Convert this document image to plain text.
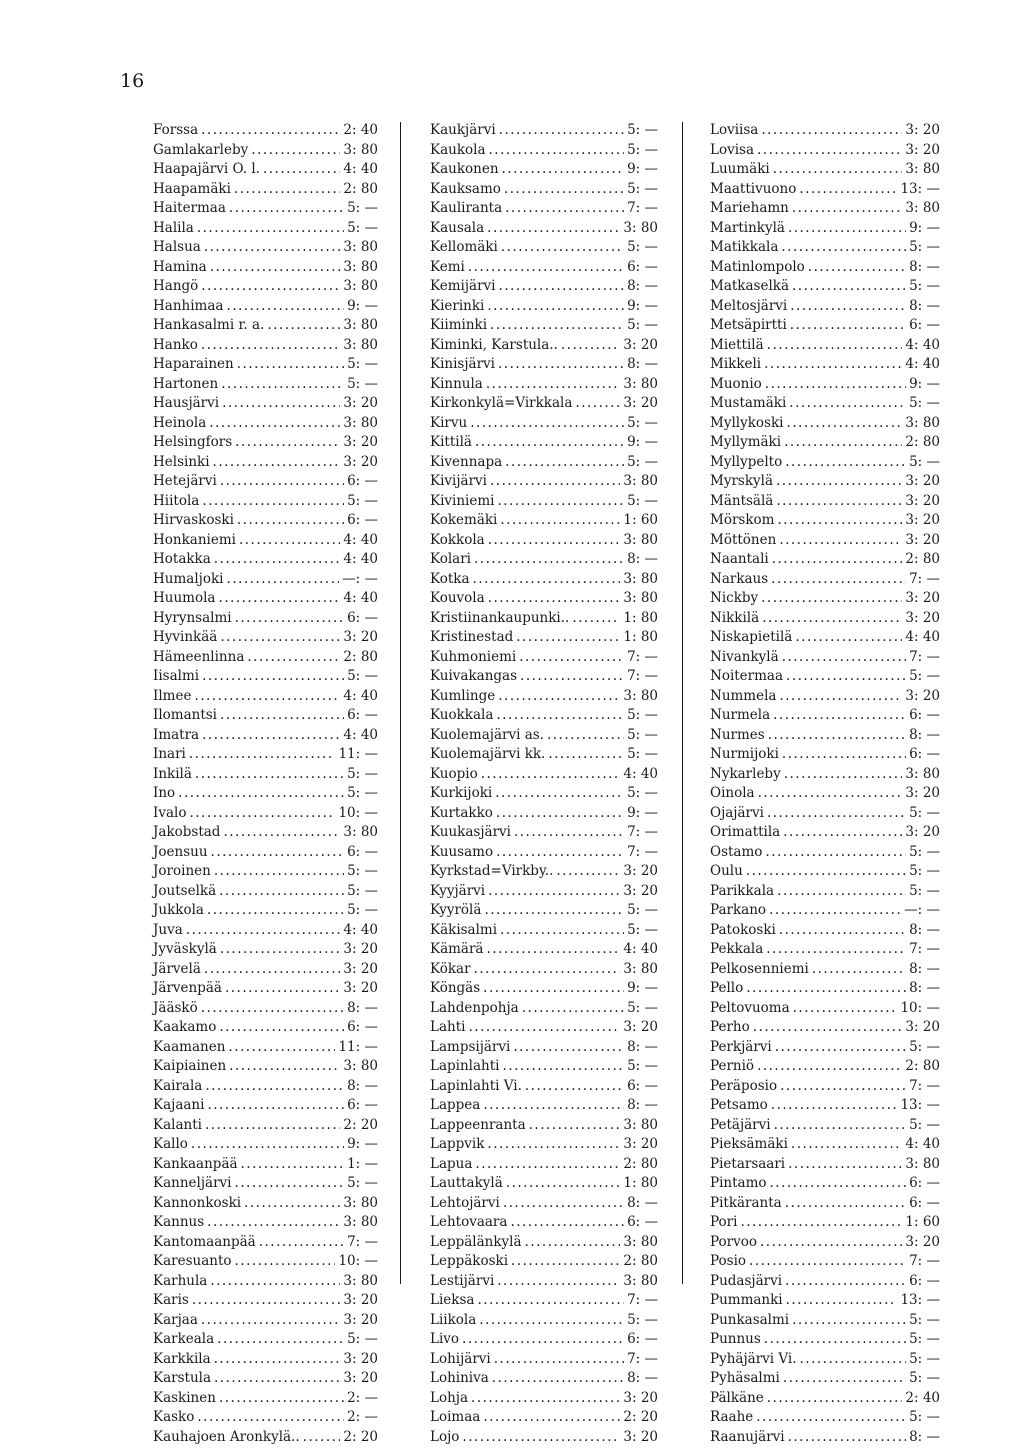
16
Forssa .....	2: 40
Gamlakarleby .....	3: 80
Haapajärvi O. l. .....	4: 40
Haapamäki .....	2: 80
Haitermaa .....	5: —
Halila .....	5: —
Halsua .....	3: 80
Hamina .....	3: 80
Hangö .....	3: 80
Hanhimaa .....	9: —
Hankasalmi r. a. .....	3: 80
Hanko .....	3: 80
Haparainen .....	5: —
Hartonen .....	5: —
Hausjärvi .....	3: 20
Heinola .....	3: 80
Helsingfors .....	3: 20
Helsinki .....	3: 20
Hetejärvi .....	6: —
Hiitola .....	5: —
Hirvaskoski .....	6: —
Honkaniemi .....	4: 40
Hotakka .....	4: 40
Humaljoki .....	—: —
Huumola .....	4: 40
Hyrynsalmi .....	6: —
Hyvinkää .....	3: 20
Hämeenlinna .....	2: 80
Iisalmi .....	5: —
Ilmee .....	4: 40
Ilomantsi .....	6: —
Imatra .....	4: 40
Inari .....	11: —
Inkilä .....	5: —
Ino .....	5: —
Ivalo .....	10: —
Jakobstad .....	3: 80
Joensuu .....	6: —
Joroinen .....	5: —
Joutselkä .....	5: —
Jukkola .....	5: —
Juva .....	4: 40
Jyväskylä .....	3: 20
Järvelä .....	3: 20
Järvenpää .....	3: 20
Jääskö .....	8: —
Kaakamo .....	6: —
Kaamanen .....	11: —
Kaipiainen .....	3: 80
Kairala .....	8: —
Kajaani .....	6: —
Kalanti .....	2: 20
Kallo .....	9: —
Kankaanpää .....	1: —
Kanneljärvi .....	5: —
Kannonkoski .....	3: 80
Kannus .....	3: 80
Kantomaanpää .....	7: —
Karesuanto .....	10: —
Karhula .....	3: 80
Karis .....	3: 20
Karjaa .....	3: 20
Karkeala .....	5: —
Karkkila .....	3: 20
Karstula .....	3: 20
Kaskinen .....	2: —
Kasko .....	2: —
Kauhajoen Aronkylä.. .....	2: 20
Kaukjärvi .....	5: —
Kaukola .....	5: —
Kaukonen .....	9: —
Kauksamo .....	5: —
Kauliranta .....	7: —
Kausala .....	3: 80
Kellomäki .....	5: —
Kemi .....	6: —
Kemijärvi .....	8: —
Kierinki .....	9: —
Kiiminki .....	5: —
Kiminki, Karstula.. .....	3: 20
Kinisjärvi .....	8: —
Kinnula .....	3: 80
Kirkonkylä=Virkkala .....	3: 20
Kirvu .....	5: —
Kittilä .....	9: —
Kivennapa .....	5: —
Kivijärvi .....	3: 80
Kiviniemi .....	5: —
Kokemäki .....	1: 60
Kokkola .....	3: 80
Kolari .....	8: —
Kotka .....	3: 80
Kouvola .....	3: 80
Kristiinankaupunki.. .....	1: 80
Kristinestad .....	1: 80
Kuhmoniemi .....	7: —
Kuivakangas .....	7: —
Kumlinge .....	3: 80
Kuokkala .....	5: —
Kuolemajärvi as. .....	5: —
Kuolemajärvi kk. .....	5: —
Kuopio .....	4: 40
Kurkijoki .....	5: —
Kurtakko .....	9: —
Kuukasjärvi .....	7: —
Kuusamo .....	7: —
Kyrkstad=Virkby.. .....	3: 20
Kyyjärvi .....	3: 20
Kyyrölä .....	5: —
Käkisalmi .....	5: —
Kämärä .....	4: 40
Kökar .....	3: 80
Köngäs .....	9: —
Lahdenpohja .....	5: —
Lahti .....	3: 20
Lampsijärvi .....	8: —
Lapinlahti .....	5: —
Lapinlahti Vi. .....	6: —
Lappea .....	8: —
Lappeenranta .....	3: 80
Lappvik .....	3: 20
Lapua .....	2: 80
Lauttakylä .....	1: 80
Lehtojärvi .....	8: —
Lehtovaara .....	6: —
Leppälänkylä .....	3: 80
Leppäkoski .....	2: 80
Lestijärvi .....	3: 80
Lieksa .....	7: —
Liikola .....	5: —
Livo .....	6: —
Lohijärvi .....	7: —
Lohiniva .....	8: —
Lohja .....	3: 20
Loimaa .....	2: 20
Lojo .....	3: 20
Loviisa .....	3: 20
Lovisa .....	3: 20
Luumäki .....	3: 80
Maattivuono .....	13: —
Mariehamn .....	3: 80
Martinkylä .....	9: —
Matikkala .....	5: —
Matinlompolo .....	8: —
Matkaselkä .....	5: —
Meltosjärvi .....	8: —
Metsäpirtti .....	6: —
Miettilä .....	4: 40
Mikkeli .....	4: 40
Muonio .....	9: —
Mustamäki .....	5: —
Myllykoski .....	3: 80
Myllymäki .....	2: 80
Myllypelto .....	5: —
Myrskylä .....	3: 20
Mäntsälä .....	3: 20
Mörskom .....	3: 20
Möttönen .....	3: 20
Naantali .....	2: 80
Narkaus .....	7: —
Nickby .....	3: 20
Nikkilä .....	3: 20
Niskapietilä .....	4: 40
Nivankylä .....	7: —
Noitermaa .....	5: —
Nummela .....	3: 20
Nurmela .....	6: —
Nurmes .....	8: —
Nurmijoki .....	6: —
Nykarleby .....	3: 80
Oinola .....	3: 20
Ojajärvi .....	5: —
Orimattila .....	3: 20
Ostamo .....	5: —
Oulu .....	5: —
Parikkala .....	5: —
Parkano .....	—: —
Patokoski .....	8: —
Pekkala .....	7: —
Pelkosenniemi .....	8: —
Pello .....	8: —
Peltovuoma .....	10: —
Perho .....	3: 20
Perkjärvi .....	5: —
Perniö .....	2: 80
Peräposio .....	7: —
Petsamo .....	13: —
Petäjärvi .....	5: —
Pieksämäki .....	4: 40
Pietarsaari .....	3: 80
Pintamo .....	6: —
Pitkäranta .....	6: —
Pori .....	1: 60
Porvoo .....	3: 20
Posio .....	7: —
Pudasjärvi .....	6: —
Pummanki .....	13: —
Punkasalmi .....	5: —
Punnus .....	5: —
Pyhäjärvi Vi. .....	5: —
Pyhäsalmi .....	5: —
Pälkäne .....	2: 40
Raahe .....	5: —
Raanujärvi .....	8: —
